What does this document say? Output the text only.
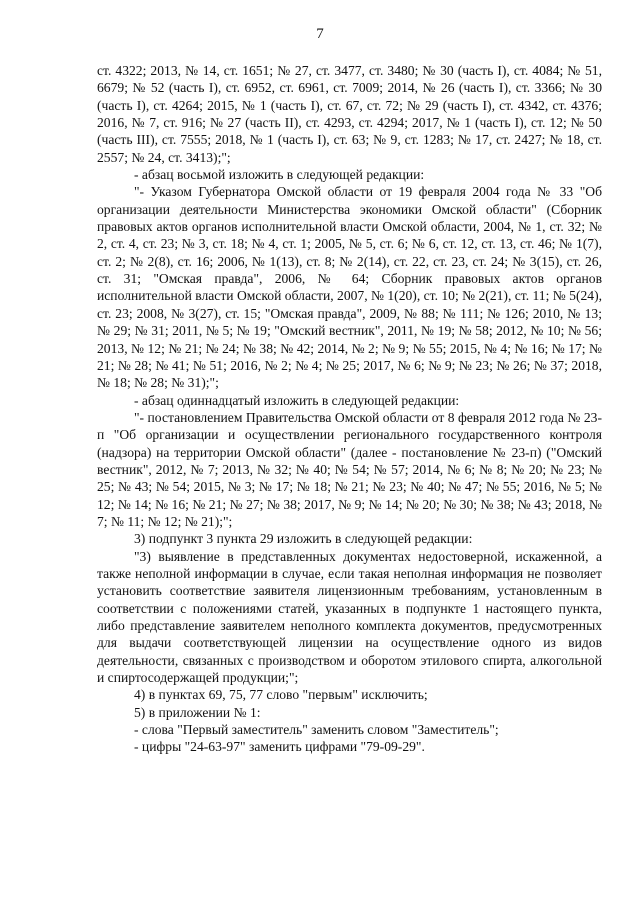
7

ст. 4322; 2013, № 14, ст. 1651; № 27, ст. 3477, ст. 3480; № 30 (часть I), ст. 4084; № 51, 6679; № 52 (часть I), ст. 6952, ст. 6961, ст. 7009; 2014, № 26 (часть I), ст. 3366; № 30 (часть I), ст. 4264; 2015, № 1 (часть I), ст. 67, ст. 72; № 29 (часть I), ст. 4342, ст. 4376; 2016, № 7, ст. 916; № 27 (часть II), ст. 4293, ст. 4294; 2017, № 1 (часть I), ст. 12; № 50 (часть III), ст. 7555; 2018, № 1 (часть I), ст. 63; № 9, ст. 1283; № 17, ст. 2427; № 18, ст. 2557; № 24, ст. 3413);";

- абзац восьмой изложить в следующей редакции:

"- Указом Губернатора Омской области от 19 февраля 2004 года № 33 "Об организации деятельности Министерства экономики Омской области" (Сборник правовых актов органов исполнительной власти Омской области, 2004, № 1, ст. 32; № 2, ст. 4, ст. 23; № 3, ст. 18; № 4, ст. 1; 2005, № 5, ст. 6; № 6, ст. 12, ст. 13, ст. 46; № 1(7), ст. 2; № 2(8), ст. 16; 2006, № 1(13), ст. 8; № 2(14), ст. 22, ст. 23, ст. 24; № 3(15), ст. 26, ст. 31; "Омская правда", 2006, № 64; Сборник правовых актов органов исполнительной власти Омской области, 2007, № 1(20), ст. 10; № 2(21), ст. 11; № 5(24), ст. 23; 2008, № 3(27), ст. 15; "Омская правда", 2009, № 88; № 111; № 126; 2010, № 13; № 29; № 31; 2011, № 5; № 19; "Омский вестник", 2011, № 19; № 58; 2012, № 10; № 56; 2013, № 12; № 21; № 24; № 38; № 42; 2014, № 2; № 9; № 55; 2015, № 4; № 16; № 17; № 21; № 28; № 41; № 51; 2016, № 2; № 4; № 25; 2017, № 6; № 9; № 23; № 26; № 37; 2018, № 18; № 28; № 31);";

- абзац одиннадцатый изложить в следующей редакции:

"- постановлением Правительства Омской области от 8 февраля 2012 года № 23-п "Об организации и осуществлении регионального государственного контроля (надзора) на территории Омской области" (далее - постановление № 23-п) ("Омский вестник", 2012, № 7; 2013, № 32; № 40; № 54; № 57; 2014, № 6; № 8; № 20; № 23; № 25; № 43; № 54; 2015, № 3; № 17; № 18; № 21; № 23; № 40; № 47; № 55; 2016, № 5; № 12; № 14; № 16; № 21; № 27; № 38; 2017, № 9; № 14; № 20; № 30; № 38; № 43; 2018, № 7; № 11; № 12; № 21);";

3) подпункт 3 пункта 29 изложить в следующей редакции:

"3) выявление в представленных документах недостоверной, искаженной, а также неполной информации в случае, если такая неполная информация не позволяет установить соответствие заявителя лицензионным требованиям, установленным в соответствии с положениями статей, указанных в подпункте 1 настоящего пункта, либо представление заявителем неполного комплекта документов, предусмотренных для выдачи соответствующей лицензии на осуществление одного из видов деятельности, связанных с производством и оборотом этилового спирта, алкогольной и спиртосодержащей продукции;";

4) в пунктах 69, 75, 77 слово "первым" исключить;

5) в приложении № 1:

- слова "Первый заместитель" заменить словом "Заместитель";

- цифры "24-63-97" заменить цифрами "79-09-29".
